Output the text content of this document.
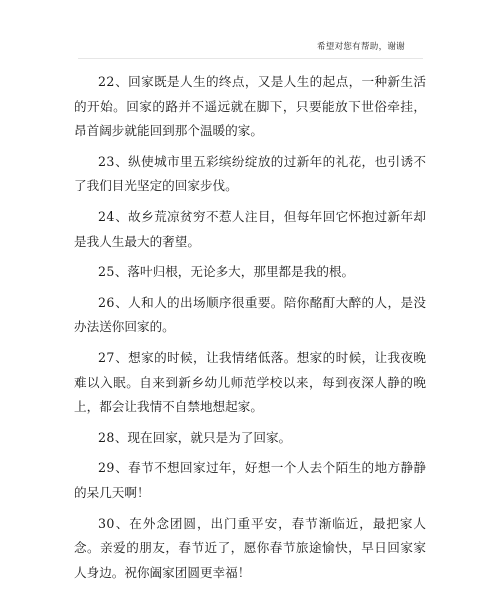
希望对您有帮助，谢谢

22、回家既是人生的终点，又是人生的起点，一种新生活的开始。回家的路并不遥远就在脚下，只要能放下世俗牵挂，昂首阔步就能回到那个温暖的家。

23、纵使城市里五彩缤纷绽放的过新年的礼花，也引诱不了我们目光坚定的回家步伐。

24、故乡荒凉贫穷不惹人注目，但每年回它怀抱过新年却是我人生最大的奢望。

25、落叶归根，无论多大，那里都是我的根。

26、人和人的出场顺序很重要。陪你酩酊大醉的人，是没办法送你回家的。

27、想家的时候，让我情绪低落。想家的时候，让我夜晚难以入眠。自来到新乡幼儿师范学校以来，每到夜深人静的晚上，都会让我情不自禁地想起家。

28、现在回家，就只是为了回家。

29、春节不想回家过年，好想一个人去个陌生的地方静静的呆几天啊！

30、在外念团圆，出门重平安，春节渐临近，最把家人念。亲爱的朋友，春节近了，愿你春节旅途愉快，早日回家家人身边。祝你阖家团圆更幸福！
